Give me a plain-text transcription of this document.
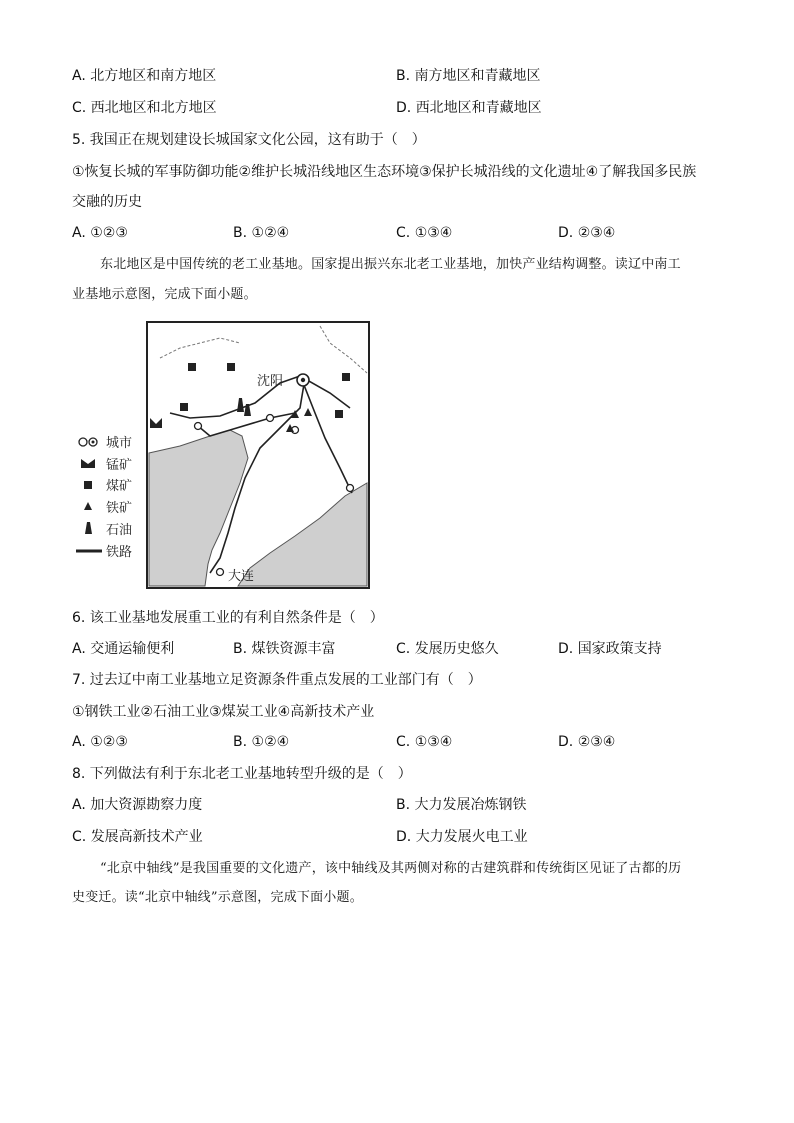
A. 北方地区和南方地区	B. 南方地区和青藏地区
C. 西北地区和北方地区	D. 西北地区和青藏地区
5. 我国正在规划建设长城国家文化公园，这有助于（　）
①恢复长城的军事防御功能②维护长城沿线地区生态环境③保护长城沿线的文化遗址④了解我国多民族
交融的历史
A. ①②③	B. ①②④	C. ①③④	D. ②③④
东北地区是中国传统的老工业基地。国家提出振兴东北老工业基地，加快产业结构调整。读辽中南工
业基地示意图，完成下面小题。
沈阳
大连
城市
锰矿
煤矿
铁矿
石油
铁路
6. 该工业基地发展重工业的有利自然条件是（　）
A. 交通运输便利	B. 煤铁资源丰富	C. 发展历史悠久	D. 国家政策支持
7. 过去辽中南工业基地立足资源条件重点发展的工业部门有（　）
①钢铁工业②石油工业③煤炭工业④高新技术产业
A. ①②③	B. ①②④	C. ①③④	D. ②③④
8. 下列做法有利于东北老工业基地转型升级的是（　）
A. 加大资源勘察力度	B. 大力发展冶炼钢铁
C. 发展高新技术产业	D. 大力发展火电工业
“北京中轴线”是我国重要的文化遗产，该中轴线及其两侧对称的古建筑群和传统街区见证了古都的历
史变迁。读“北京中轴线”示意图，完成下面小题。
